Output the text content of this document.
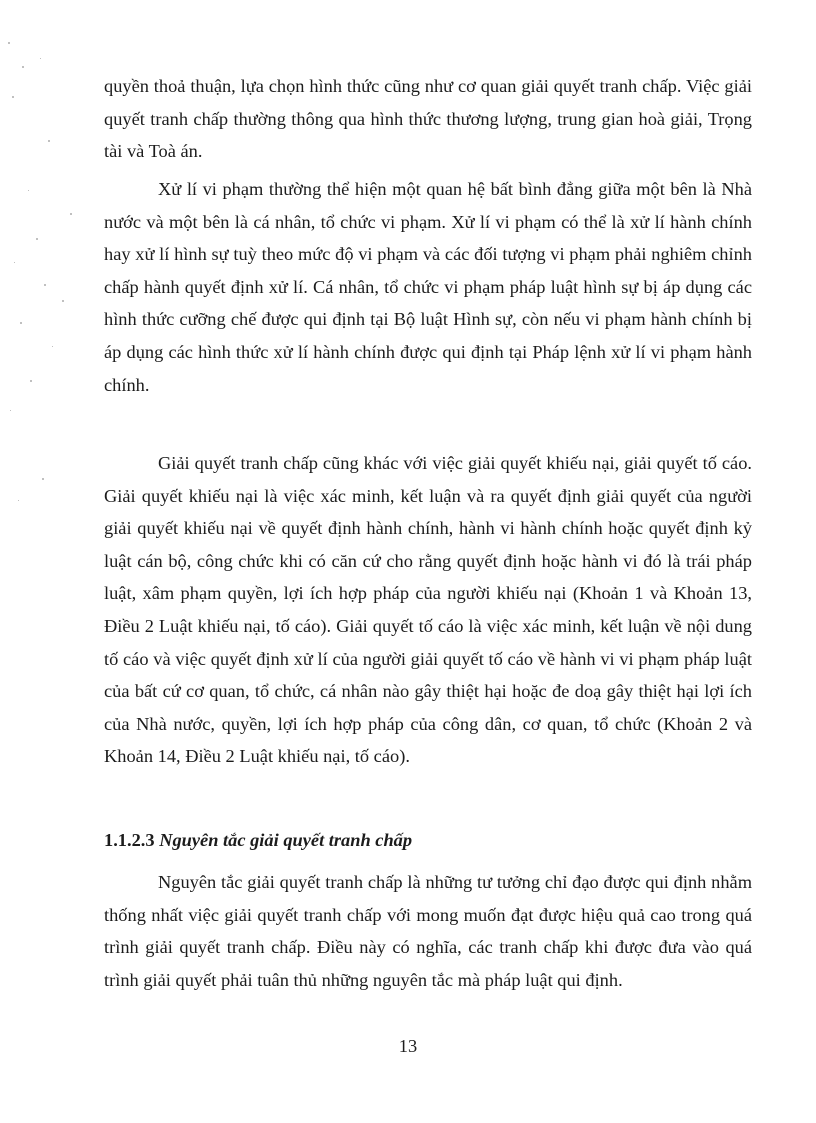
quyền thoả thuận, lựa chọn hình thức cũng như cơ quan giải quyết tranh chấp. Việc giải quyết tranh chấp thường thông qua hình thức thương lượng, trung gian hoà giải, Trọng tài và Toà án.

Xử lí vi phạm thường thể hiện một quan hệ bất bình đẳng giữa một bên là Nhà nước và một bên là cá nhân, tổ chức vi phạm. Xử lí vi phạm có thể là xử lí hành chính hay xử lí hình sự tuỳ theo mức độ vi phạm và các đối tượng vi phạm phải nghiêm chỉnh chấp hành quyết định xử lí. Cá nhân, tổ chức vi phạm pháp luật hình sự bị áp dụng các hình thức cưỡng chế được qui định tại Bộ luật Hình sự, còn nếu vi phạm hành chính bị áp dụng các hình thức xử lí hành chính được qui định tại Pháp lệnh xử lí vi phạm hành chính.

Giải quyết tranh chấp cũng khác với việc giải quyết khiếu nại, giải quyết tố cáo. Giải quyết khiếu nại là việc xác minh, kết luận và ra quyết định giải quyết của người giải quyết khiếu nại về quyết định hành chính, hành vi hành chính hoặc quyết định kỷ luật cán bộ, công chức khi có căn cứ cho rằng quyết định hoặc hành vi đó là trái pháp luật, xâm phạm quyền, lợi ích hợp pháp của người khiếu nại (Khoản 1 và Khoản 13, Điều 2 Luật khiếu nại, tố cáo). Giải quyết tố cáo là việc xác minh, kết luận về nội dung tố cáo và việc quyết định xử lí của người giải quyết tố cáo về hành vi vi phạm pháp luật của bất cứ cơ quan, tổ chức, cá nhân nào gây thiệt hại hoặc đe doạ gây thiệt hại lợi ích của Nhà nước, quyền, lợi ích hợp pháp của công dân, cơ quan, tổ chức (Khoản 2 và Khoản 14, Điều 2 Luật khiếu nại, tố cáo).

1.1.2.3 Nguyên tắc giải quyết tranh chấp

Nguyên tắc giải quyết tranh chấp là những tư tưởng chỉ đạo được qui định nhằm thống nhất việc giải quyết tranh chấp với mong muốn đạt được hiệu quả cao trong quá trình giải quyết tranh chấp. Điều này có nghĩa, các tranh chấp khi được đưa vào quá trình giải quyết phải tuân thủ những nguyên tắc mà pháp luật qui định.

13
